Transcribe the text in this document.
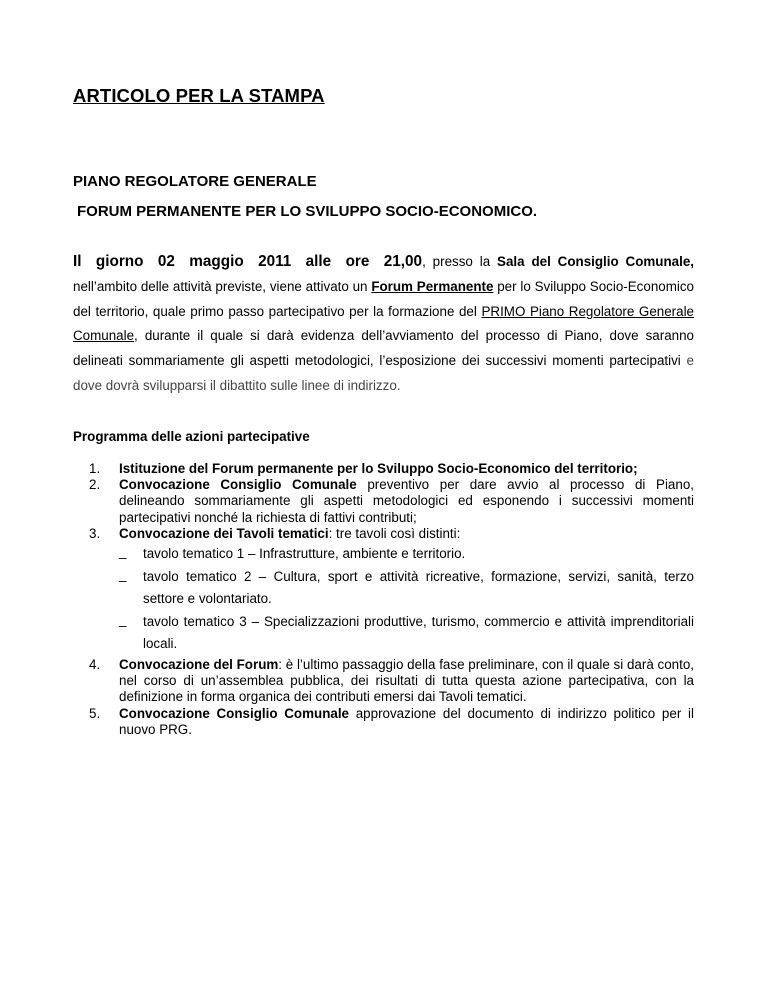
ARTICOLO PER LA STAMPA
PIANO REGOLATORE GENERALE
FORUM PERMANENTE PER LO SVILUPPO SOCIO-ECONOMICO.
Il giorno 02 maggio 2011 alle ore 21,00, presso la Sala del Consiglio Comunale, nell’ambito delle attività previste, viene attivato un Forum Permanente per lo Sviluppo Socio-Economico del territorio, quale primo passo partecipativo per la formazione del PRIMO Piano Regolatore Generale Comunale, durante il quale si darà evidenza dell’avviamento del processo di Piano, dove saranno delineati sommariamente gli aspetti metodologici, l’esposizione dei successivi momenti partecipativi e dove dovrà svilupparsi il dibattito sulle linee di indirizzo.
Programma delle azioni partecipative
1. Istituzione del Forum permanente per lo Sviluppo Socio-Economico del territorio;
2. Convocazione Consiglio Comunale preventivo per dare avvio al processo di Piano, delineando sommariamente gli aspetti metodologici ed esponendo i successivi momenti partecipativi nonché la richiesta di fattivi contributi;
3. Convocazione dei Tavoli tematici: tre tavoli così distinti:
_ tavolo tematico 1 – Infrastrutture, ambiente e territorio.
_ tavolo tematico 2 – Cultura, sport e attività ricreative, formazione, servizi, sanità, terzo settore e volontariato.
_ tavolo tematico 3 – Specializzazioni produttive, turismo, commercio e attività imprenditoriali locali.
4. Convocazione del Forum: è l’ultimo passaggio della fase preliminare, con il quale si darà conto, nel corso di un’assemblea pubblica, dei risultati di tutta questa azione partecipativa, con la definizione in forma organica dei contributi emersi dai Tavoli tematici.
5. Convocazione Consiglio Comunale approvazione del documento di indirizzo politico per il nuovo PRG.
